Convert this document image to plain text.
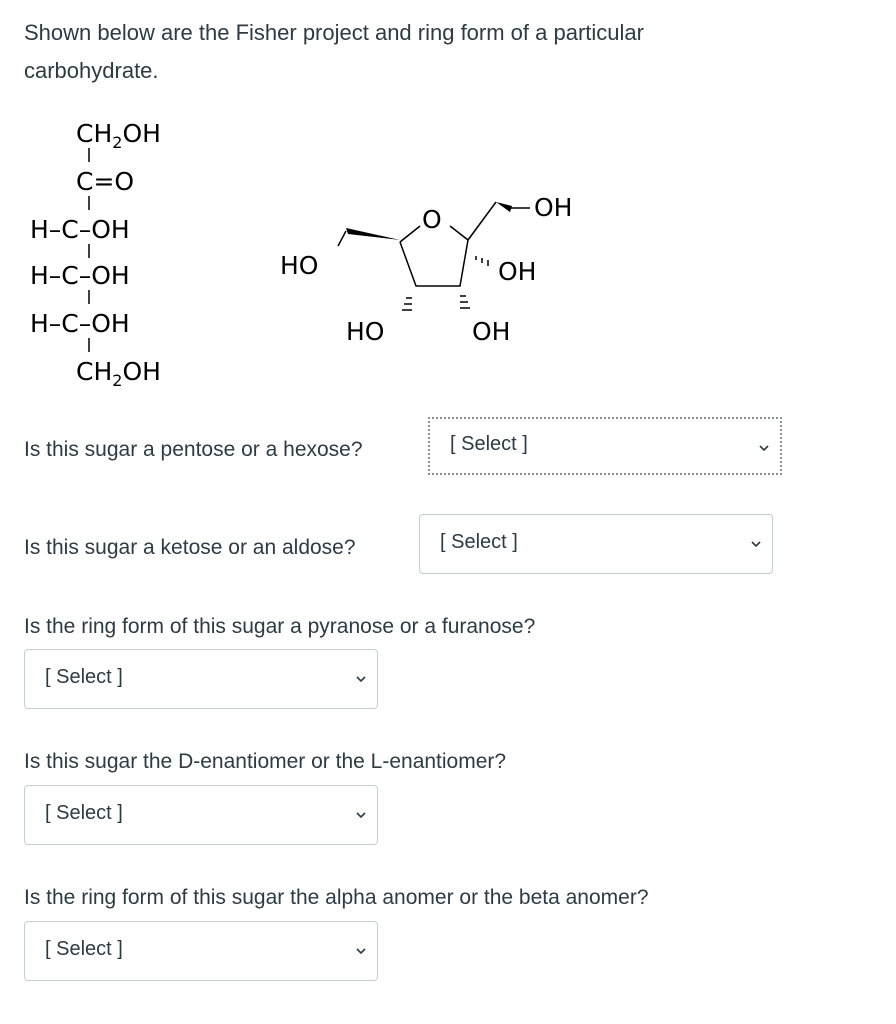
Shown below are the Fisher project and ring form of a particular
carbohydrate.
$CH_2OH$
C=O
H–C–OH
H–C–OH
H–C–OH
$CH_2OH$
O
HO
OH
OH
HO	OH
Is this sugar a pentose or a hexose?	[ Select ]
Is this sugar a ketose or an aldose?	[ Select ]
Is the ring form of this sugar a pyranose or a furanose?
[ Select ]
Is this sugar the D-enantiomer or the L-enantiomer?
[ Select ]
Is the ring form of this sugar the alpha anomer or the beta anomer?
[ Select ]
